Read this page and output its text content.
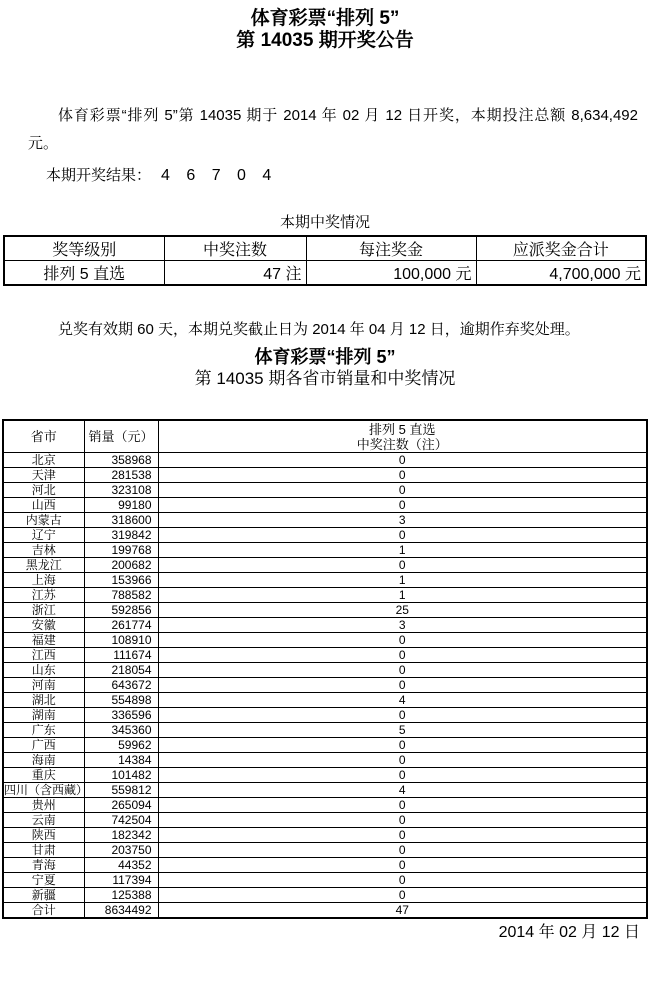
体育彩票“排列 5”
第 14035 期开奖公告

体育彩票“排列 5”第 14035 期于 2014 年 02 月 12 日开奖，本期投注总额 8,634,492 元。

本期开奖结果： 4 6 7 0 4

本期中奖情况
奖等级别	中奖注数	每注奖金	应派奖金合计
排列 5 直选	47 注	100,000 元	4,700,000 元

兑奖有效期 60 天，本期兑奖截止日为 2014 年 04 月 12 日，逾期作弃奖处理。

体育彩票“排列 5”
第 14035 期各省市销量和中奖情况
省市	销量（元）	排列 5 直选
中奖注数（注）

北京	358968	0
天津	281538	0
河北	323108	0
山西	99180	0
内蒙古	318600	3
辽宁	319842	0
吉林	199768	1
黑龙江	200682	0
上海	153966	1
江苏	788582	1
浙江	592856	25
安徽	261774	3
福建	108910	0
江西	111674	0
山东	218054	0
河南	643672	0
湖北	554898	4
湖南	336596	0
广东	345360	5
广西	59962	0
海南	14384	0
重庆	101482	0
四川（含西藏）	559812	4
贵州	265094	0
云南	742504	0
陕西	182342	0
甘肃	203750	0
青海	44352	0
宁夏	117394	0
新疆	125388	0
合计	8634492	47
2014 年 02 月 12 日
